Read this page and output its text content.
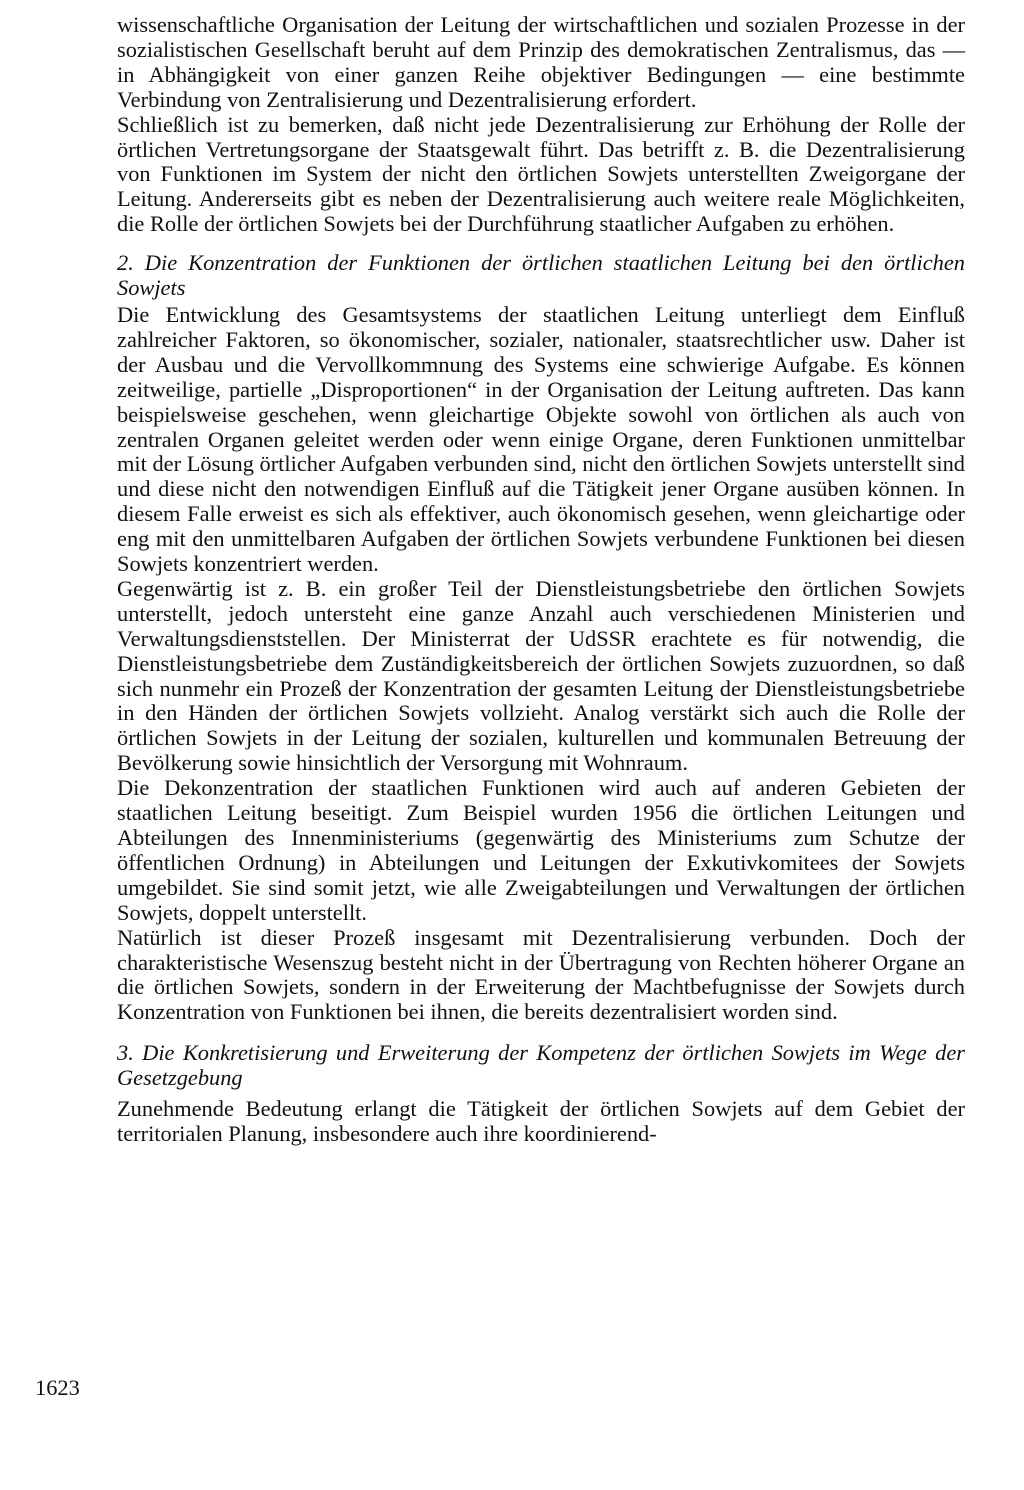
wissenschaftliche Organisation der Leitung der wirtschaftlichen und sozialen Prozesse in der sozialistischen Gesellschaft beruht auf dem Prinzip des demokratischen Zentralismus, das — in Abhängigkeit von einer ganzen Reihe objektiver Bedingungen — eine bestimmte Verbindung von Zentralisierung und Dezentralisierung erfordert.

Schließlich ist zu bemerken, daß nicht jede Dezentralisierung zur Erhöhung der Rolle der örtlichen Vertretungsorgane der Staatsgewalt führt. Das betrifft z. B. die Dezentralisierung von Funktionen im System der nicht den örtlichen Sowjets unterstellten Zweigorgane der Leitung. Andererseits gibt es neben der Dezentralisierung auch weitere reale Möglichkeiten, die Rolle der örtlichen Sowjets bei der Durchführung staatlicher Aufgaben zu erhöhen.

2. Die Konzentration der Funktionen der örtlichen staatlichen Leitung bei den örtlichen Sowjets

Die Entwicklung des Gesamtsystems der staatlichen Leitung unterliegt dem Einfluß zahlreicher Faktoren, so ökonomischer, sozialer, nationaler, staatsrechtlicher usw. Daher ist der Ausbau und die Vervollkommnung des Systems eine schwierige Aufgabe. Es können zeitweilige, partielle „Disproportionen“ in der Organisation der Leitung auftreten. Das kann beispielsweise geschehen, wenn gleichartige Objekte sowohl von örtlichen als auch von zentralen Organen geleitet werden oder wenn einige Organe, deren Funktionen unmittelbar mit der Lösung örtlicher Aufgaben verbunden sind, nicht den örtlichen Sowjets unterstellt sind und diese nicht den notwendigen Einfluß auf die Tätigkeit jener Organe ausüben können. In diesem Falle erweist es sich als effektiver, auch ökonomisch gesehen, wenn gleichartige oder eng mit den unmittelbaren Aufgaben der örtlichen Sowjets verbundene Funktionen bei diesen Sowjets konzentriert werden.

Gegenwärtig ist z. B. ein großer Teil der Dienstleistungsbetriebe den örtlichen Sowjets unterstellt, jedoch untersteht eine ganze Anzahl auch verschiedenen Ministerien und Verwaltungsdienststellen. Der Ministerrat der UdSSR erachtete es für notwendig, die Dienstleistungsbetriebe dem Zuständigkeitsbereich der örtlichen Sowjets zuzuordnen, so daß sich nunmehr ein Prozeß der Konzentration der gesamten Leitung der Dienstleistungsbetriebe in den Händen der örtlichen Sowjets vollzieht. Analog verstärkt sich auch die Rolle der örtlichen Sowjets in der Leitung der sozialen, kulturellen und kommunalen Betreuung der Bevölkerung sowie hinsichtlich der Versorgung mit Wohnraum.

Die Dekonzentration der staatlichen Funktionen wird auch auf anderen Gebieten der staatlichen Leitung beseitigt. Zum Beispiel wurden 1956 die örtlichen Leitungen und Abteilungen des Innenministeriums (gegenwärtig des Ministeriums zum Schutze der öffentlichen Ordnung) in Abteilungen und Leitungen der Exkutivkomitees der Sowjets umgebildet. Sie sind somit jetzt, wie alle Zweigabteilungen und Verwaltungen der örtlichen Sowjets, doppelt unterstellt.

Natürlich ist dieser Prozeß insgesamt mit Dezentralisierung verbunden. Doch der charakteristische Wesenszug besteht nicht in der Übertragung von Rechten höherer Organe an die örtlichen Sowjets, sondern in der Erweiterung der Machtbefugnisse der Sowjets durch Konzentration von Funktionen bei ihnen, die bereits dezentralisiert worden sind.

3. Die Konkretisierung und Erweiterung der Kompetenz der örtlichen Sowjets im Wege der Gesetzgebung

Zunehmende Bedeutung erlangt die Tätigkeit der örtlichen Sowjets auf dem Gebiet der territorialen Planung, insbesondere auch ihre koordinierend-

1623
